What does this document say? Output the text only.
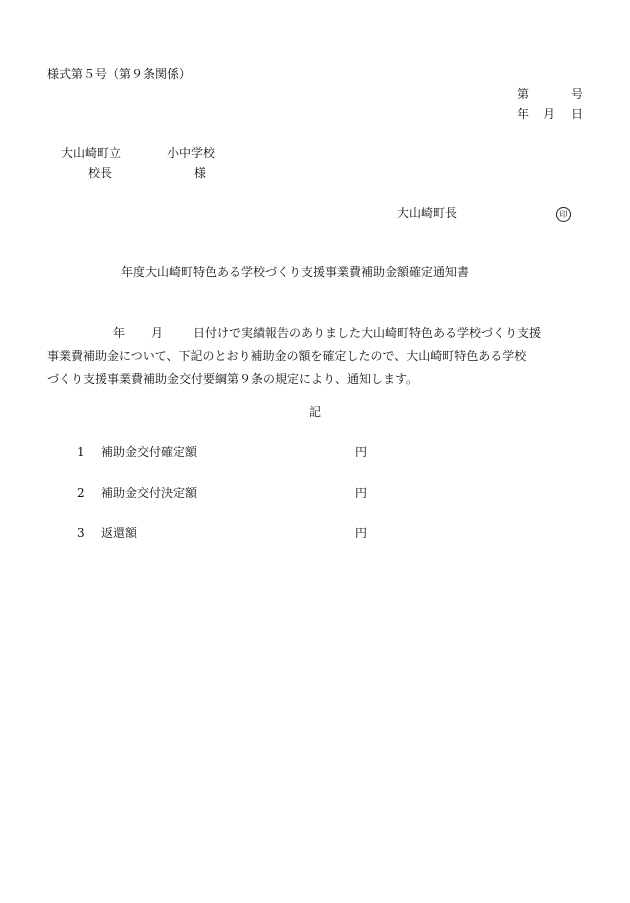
様式第５号（第９条関係）
第	号
年 月 日
大山崎町立	小中学校
校長	様
大山崎町長	印
年度大山崎町特色ある学校づくり支援事業費補助金額確定通知書
年 月	日付けで実績報告のありました大山崎町特色ある学校づくり支援
事業費補助金について、下記のとおり補助金の額を確定したので、大山崎町特色ある学校
づくり支援事業費補助金交付要綱第９条の規定により、通知します。
記
1 補助金交付確定額	円
2 補助金交付決定額	円
3 返還額	円
